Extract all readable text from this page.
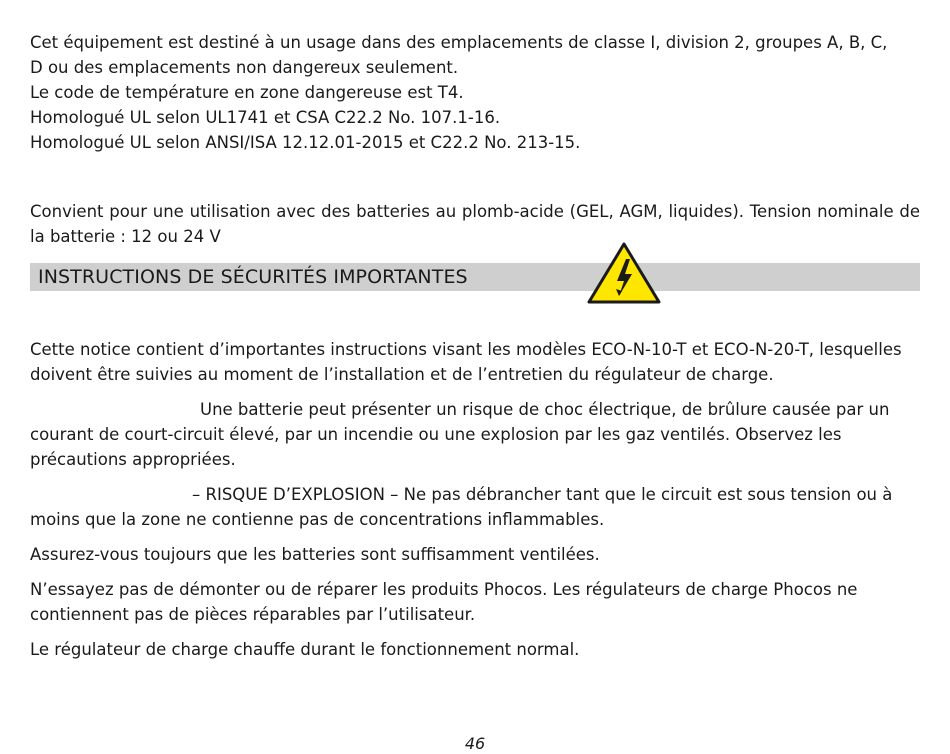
Cet équipement est destiné à un usage dans des emplacements de classe I, division 2, groupes A, B, C,

D ou des emplacements non dangereux seulement.

Le code de température en zone dangereuse est T4.

Homologué UL selon UL1741 et CSA C22.2 No. 107.1-16.

Homologué UL selon ANSI/ISA 12.12.01-2015 et C22.2 No. 213-15.

Convient pour une utilisation avec des batteries au plomb-acide (GEL, AGM, liquides). Tension nominale de la batterie : 12 ou 24 V

INSTRUCTIONS DE SÉCURITÉS IMPORTANTES

Cette notice contient d’importantes instructions visant les modèles ECO-N-10-T et ECO-N-20-T, lesquelles doivent être suivies au moment de l’installation et de l’entretien du régulateur de charge.

Une batterie peut présenter un risque de choc électrique, de brûlure causée par un courant de court-circuit élevé, par un incendie ou une explosion par les gaz ventilés. Observez les précautions appropriées.

– RISQUE D’EXPLOSION – Ne pas débrancher tant que le circuit est sous tension ou à moins que la zone ne contienne pas de concentrations inflammables.

Assurez-vous toujours que les batteries sont suffisamment ventilées.

N’essayez pas de démonter ou de réparer les produits Phocos. Les régulateurs de charge Phocos ne contiennent pas de pièces réparables par l’utilisateur.

Le régulateur de charge chauffe durant le fonctionnement normal.

46
